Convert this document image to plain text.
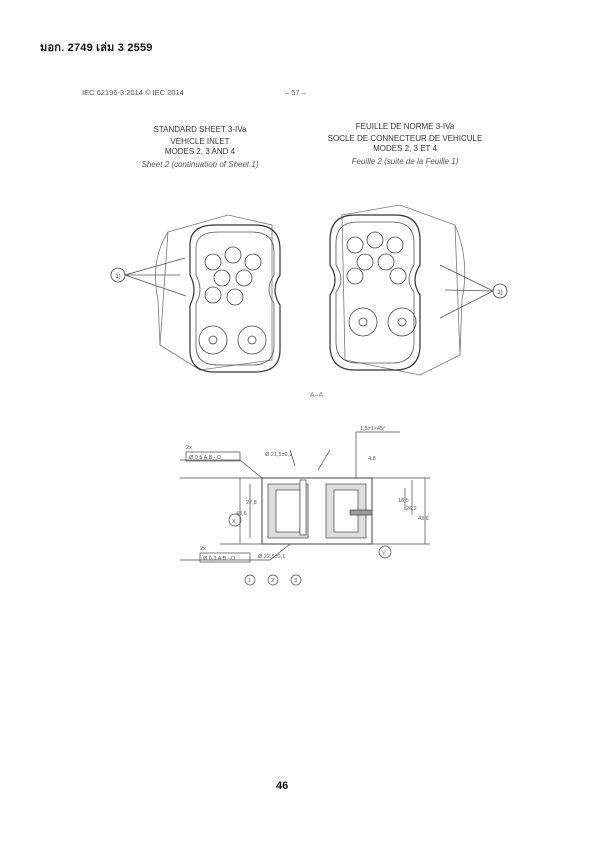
มอก. 2749 เล่ม 3 2559
IEC 62196-3:2014 © IEC 2014	– 57 –
STANDARD SHEET 3-IVa
VEHICLE INLET
MODES 2, 3 AND 4
Sheet 2 (continuation of Sheet 1)
FEUILLE DE NORME 3-IVa
SOCLE DE CONNECTEUR DE VEHICULE
MODES 2, 3 ET 4
Feuille 2 (suite de la Feuille 1)
1)
1)
A–A
1,5±1×45°
Ø 21,5±0,1
Ø 22,5±0,1
2x
Ø 0,5 A B - D
2x
Ø 0,3 A B - D
43,6
27,8	18,5
26,2
43,6
4,8
Y
X
1	2	3
46
